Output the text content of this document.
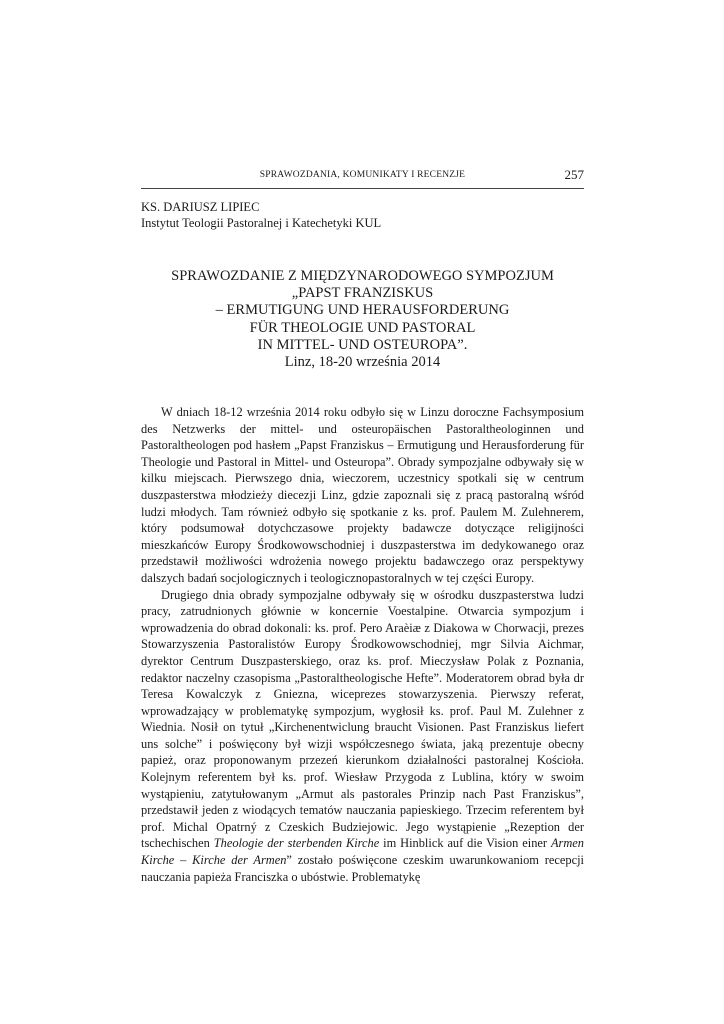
SPRAWOZDANIA, KOMUNIKATY I RECENZJE	257
KS. DARIUSZ LIPIEC
Instytut Teologii Pastoralnej i Katechetyki KUL
SPRAWOZDANIE Z MIĘDZYNARODOWEGO SYMPOZJUM
„PAPST FRANZISKUS
– ERMUTIGUNG UND HERAUSFORDERUNG
FÜR THEOLOGIE UND PASTORAL
IN MITTEL- UND OSTEUROPA”.
Linz, 18-20 września 2014

W dniach 18-12 września 2014 roku odbyło się w Linzu doroczne Fachsymposium des Netzwerks der mittel- und osteuropäischen Pastoraltheologinnen und Pastoraltheologen pod hasłem „Papst Franziskus – Ermutigung und Herausforderung für Theologie und Pastoral in Mittel- und Osteuropa”. Obrady sympozjalne odbywały się w kilku miejscach. Pierwszego dnia, wieczorem, uczestnicy spotkali się w centrum duszpasterstwa młodzieży diecezji Linz, gdzie zapoznali się z pracą pastoralną wśród ludzi młodych. Tam również odbyło się spotkanie z ks. prof. Paulem M. Zulehnerem, który podsumował dotychczasowe projekty badawcze dotyczące religijności mieszkańców Europy Środkowowschodniej i duszpasterstwa im dedykowanego oraz przedstawił możliwości wdrożenia nowego projektu badawczego oraz perspektywy dalszych badań socjologicznych i teologicznopastoralnych w tej części Europy.

Drugiego dnia obrady sympozjalne odbywały się w ośrodku duszpasterstwa ludzi pracy, zatrudnionych głównie w koncernie Voestalpine. Otwarcia sympozjum i wprowadzenia do obrad dokonali: ks. prof. Pero Araèiæ z Diakowa w Chorwacji, prezes Stowarzyszenia Pastoralistów Europy Środkowowschodniej, mgr Silvia Aichmar, dyrektor Centrum Duszpasterskiego, oraz ks. prof. Mieczysław Polak z Poznania, redaktor naczelny czasopisma „Pastoraltheologische Hefte”. Moderatorem obrad była dr Teresa Kowalczyk z Gniezna, wiceprezes stowarzyszenia. Pierwszy referat, wprowadzający w problematykę sympozjum, wygłosił ks. prof. Paul M. Zulehner z Wiednia. Nosił on tytuł „Kirchenentwiclung braucht Visionen. Past Franziskus liefert uns solche” i poświęcony był wizji współczesnego świata, jaką prezentuje obecny papież, oraz proponowanym przezeń kierunkom działalności pastoralnej Kościoła. Kolejnym referentem był ks. prof. Wiesław Przygoda z Lublina, który w swoim wystąpieniu, zatytułowanym „Armut als pastorales Prinzip nach Past Franziskus”, przedstawił jeden z wiodących tematów nauczania papieskiego. Trzecim referentem był prof. Michal Opatrný z Czeskich Budziejowic. Jego wystąpienie „Rezeption der tschechischen Theologie der sterbenden Kirche im Hinblick auf die Vision einer Armen Kirche – Kirche der Armen” zostało poświęcone czeskim uwarunkowaniom recepcji nauczania papieża Franciszka o ubóstwie. Problematykę
